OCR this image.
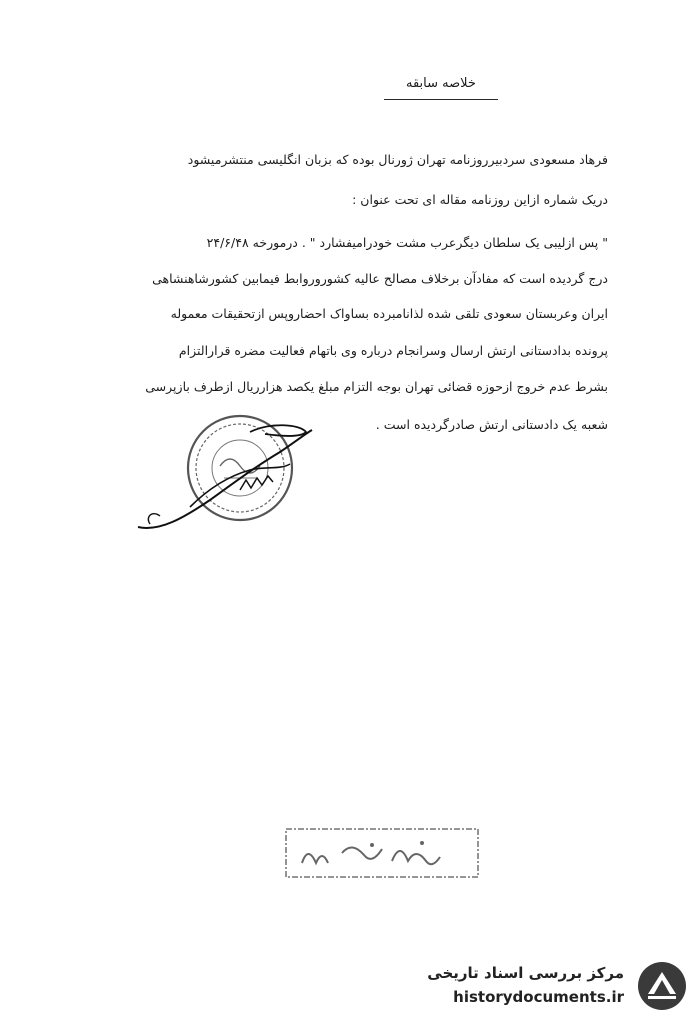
خلاصه سابقه
فرهاد مسعودی سردبیرروزنامه تهران ژورنال بوده که بزبان انگلیسی منتشرمیشود
دریک شماره ازاین روزنامه مقاله ای تحت عنوان :
" پس ازلیبی یک سلطان دیگرعرب مشت خودرامیفشارد " . درمورخه ۲۴/۶/۴۸
درج گردیده است که مفادآن برخلاف مصالح عالیه کشوروروابط فیمابین کشورشاهنشاهی
ایران وعربستان سعودی تلقی شده لذانامبرده بساواک احضاروپس ازتحقیقات معموله
پرونده بدادستانی ارتش ارسال وسرانجام درباره وی باتهام فعالیت مضره قرارالتزام
بشرط عدم خروج ازحوزه قضائی تهران بوجه التزام مبلغ یکصد هزارریال ازطرف بازپرسی
شعبه یک دادستانی ارتش صادرگردیده است .
مرکز بررسی اسناد تاریخی
historydocuments.ir
